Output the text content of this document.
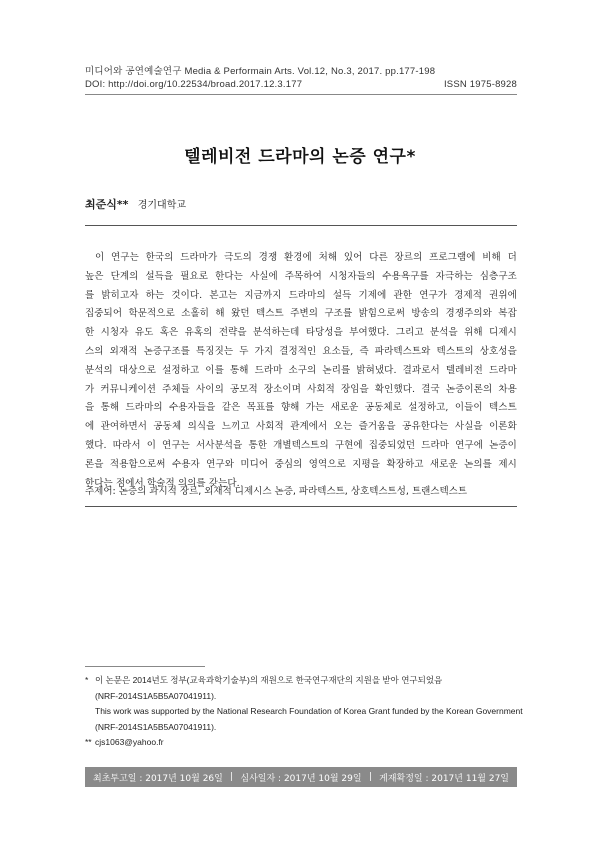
미디어와 공연예술연구 Media & Performain Arts. Vol.12, No.3, 2017. pp.177-198
DOI: http://doi.org/10.22534/broad.2017.12.3.177	ISSN 1975-8928
텔레비전 드라마의 논증 연구*
최준식** 경기대학교
이 연구는 한국의 드라마가 극도의 경쟁 환경에 처해 있어 다른 장르의 프로그램에 비해 더
높은 단계의 설득을 필요로 한다는 사실에 주목하여 시청자들의 수용욕구를 자극하는 심층구조
를 밝히고자 하는 것이다. 본고는 지금까지 드라마의 설득 기제에 관한 연구가 경제적 권위에
집중되어 학문적으로 소홀히 해 왔던 텍스트 주변의 구조를 밝힘으로써 방송의 경쟁주의와 복잡
한 시청자 유도 혹은 유혹의 전략을 분석하는데 타당성을 부여했다. 그리고 분석을 위해 디제시
스의 외재적 논증구조를 특징짓는 두 가지 결정적인 요소들, 즉 파라텍스트와 텍스트의 상호성을
분석의 대상으로 설정하고 이를 통해 드라마 소구의 논리를 밝혀냈다. 결과로서 텔레비전 드라마
가 커뮤니케이션 주체들 사이의 공모적 장소이며 사회적 장임을 확인했다. 결국 논증이론의 차용
을 통해 드라마의 수용자들을 같은 목표를 향해 가는 새로운 공동체로 설정하고, 이들이 텍스트
에 관여하면서 공동체 의식을 느끼고 사회적 관계에서 오는 즐거움을 공유한다는 사실을 이론화
했다. 따라서 이 연구는 서사분석을 통한 개별텍스트의 구현에 집중되었던 드라마 연구에 논증이
론을 적용함으로써 수용자 연구와 미디어 중심의 영역으로 지평을 확장하고 새로운 논의를 제시
한다는 점에서 학술적 의의를 갖는다.
주제어: 논증의 과시적 장르, 외재적 디제시스 논증, 파라텍스트, 상호텍스트성, 트랜스텍스트
* 이 논문은 2014년도 정부(교육과학기술부)의 재원으로 한국연구재단의 지원을 받아 연구되었음
(NRF-2014S1A5B5A07041911).
This work was supported by the National Research Foundation of Korea Grant funded by the Korean Government
(NRF-2014S1A5B5A07041911).
** cjs1063@yahoo.fr
최초투고일 : 2017년 10월 26일 | 심사일자 : 2017년 10월 29일 | 게재확정일 : 2017년 11월 27일
